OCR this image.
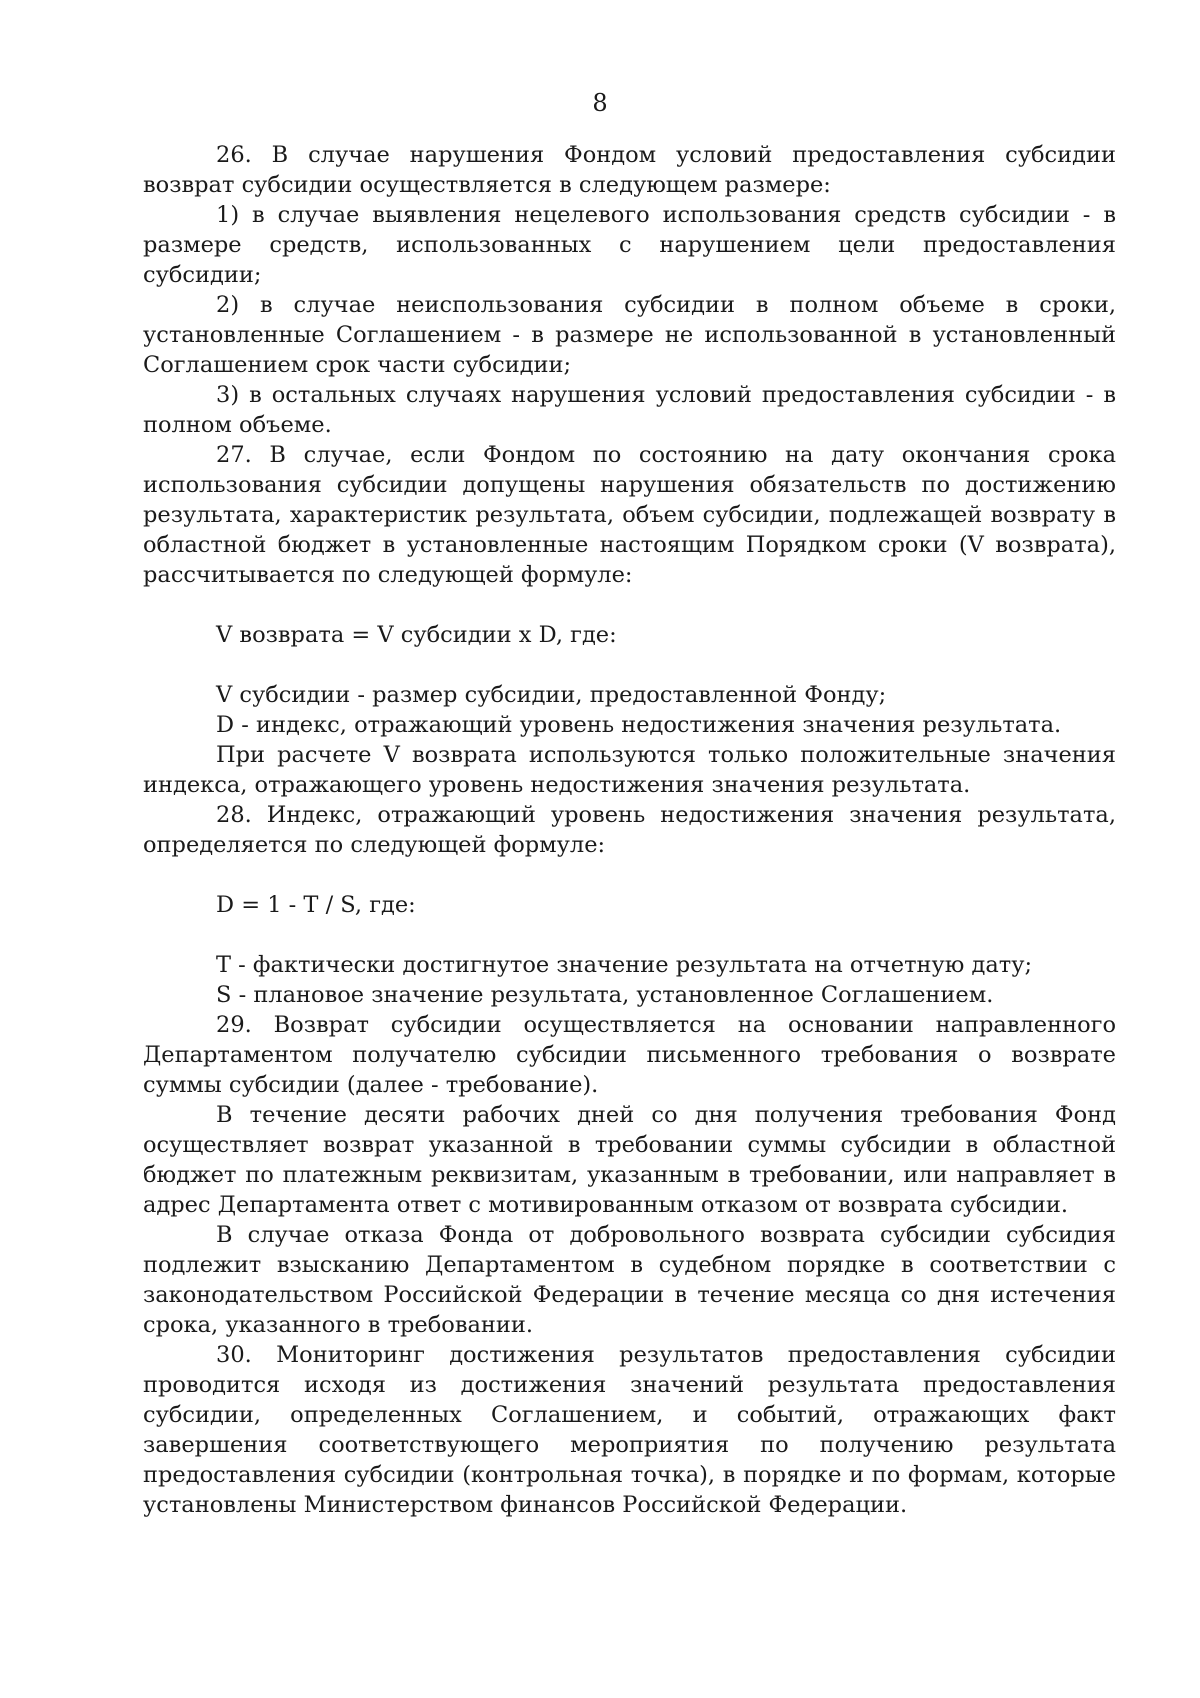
8

26. В случае нарушения Фондом условий предоставления субсидии возврат субсидии осуществляется в следующем размере:

1) в случае выявления нецелевого использования средств субсидии - в размере средств, использованных с нарушением цели предоставления субсидии;

2) в случае неиспользования субсидии в полном объеме в сроки, установленные Соглашением - в размере не использованной в установленный Соглашением срок части субсидии;

3) в остальных случаях нарушения условий предоставления субсидии - в полном объеме.

27. В случае, если Фондом по состоянию на дату окончания срока использования субсидии допущены нарушения обязательств по достижению результата, характеристик результата, объем субсидии, подлежащей возврату в областной бюджет в установленные настоящим Порядком сроки (V возврата), рассчитывается по следующей формуле:

V возврата = V субсидии x D, где:

V субсидии - размер субсидии, предоставленной Фонду;

D - индекс, отражающий уровень недостижения значения результата.

При расчете V возврата используются только положительные значения индекса, отражающего уровень недостижения значения результата.

28. Индекс, отражающий уровень недостижения значения результата, определяется по следующей формуле:

D = 1 - T / S, где:

T - фактически достигнутое значение результата на отчетную дату;

S - плановое значение результата, установленное Соглашением.

29. Возврат субсидии осуществляется на основании направленного Департаментом получателю субсидии письменного требования о возврате суммы субсидии (далее - требование).

В течение десяти рабочих дней со дня получения требования Фонд осуществляет возврат указанной в требовании суммы субсидии в областной бюджет по платежным реквизитам, указанным в требовании, или направляет в адрес Департамента ответ с мотивированным отказом от возврата субсидии.

В случае отказа Фонда от добровольного возврата субсидии субсидия подлежит взысканию Департаментом в судебном порядке в соответствии с законодательством Российской Федерации в течение месяца со дня истечения срока, указанного в требовании.

30. Мониторинг достижения результатов предоставления субсидии проводится исходя из достижения значений результата предоставления субсидии, определенных Соглашением, и событий, отражающих факт завершения соответствующего мероприятия по получению результата предоставления субсидии (контрольная точка), в порядке и по формам, которые установлены Министерством финансов Российской Федерации.
